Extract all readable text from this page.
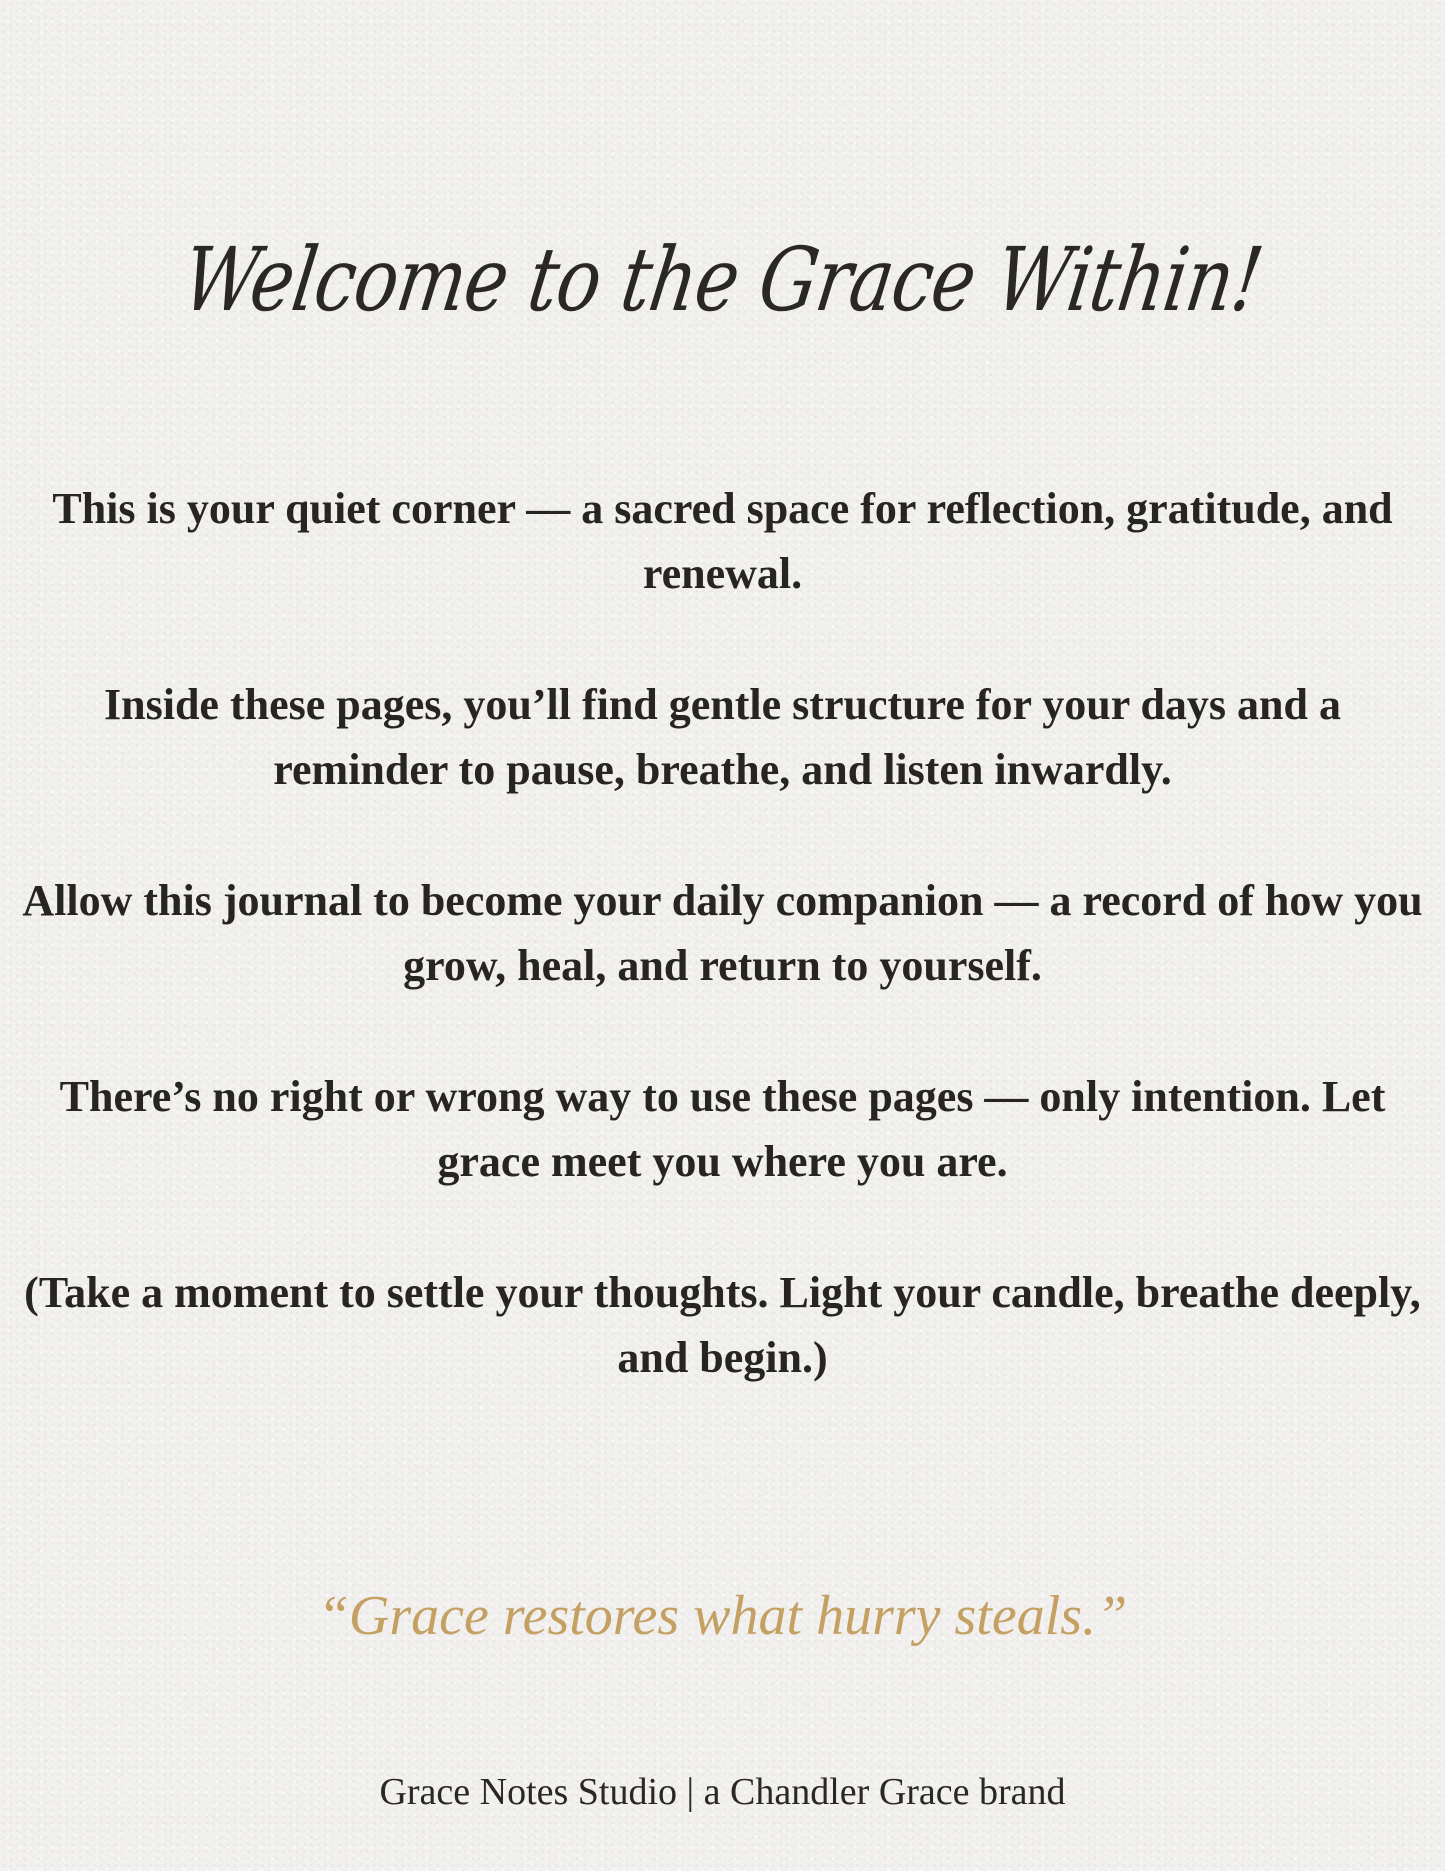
Welcome to the Grace Within!

This is your quiet corner — a sacred space for reflection, gratitude, and renewal.

Inside these pages, you’ll find gentle structure for your days and a reminder to pause, breathe, and listen inwardly.

Allow this journal to become your daily companion — a record of how you grow, heal, and return to yourself.

There’s no right or wrong way to use these pages — only intention. Let grace meet you where you are.

(Take a moment to settle your thoughts. Light your candle, breathe deeply, and begin.)

“Grace restores what hurry steals.”
Grace Notes Studio | a Chandler Grace brand
